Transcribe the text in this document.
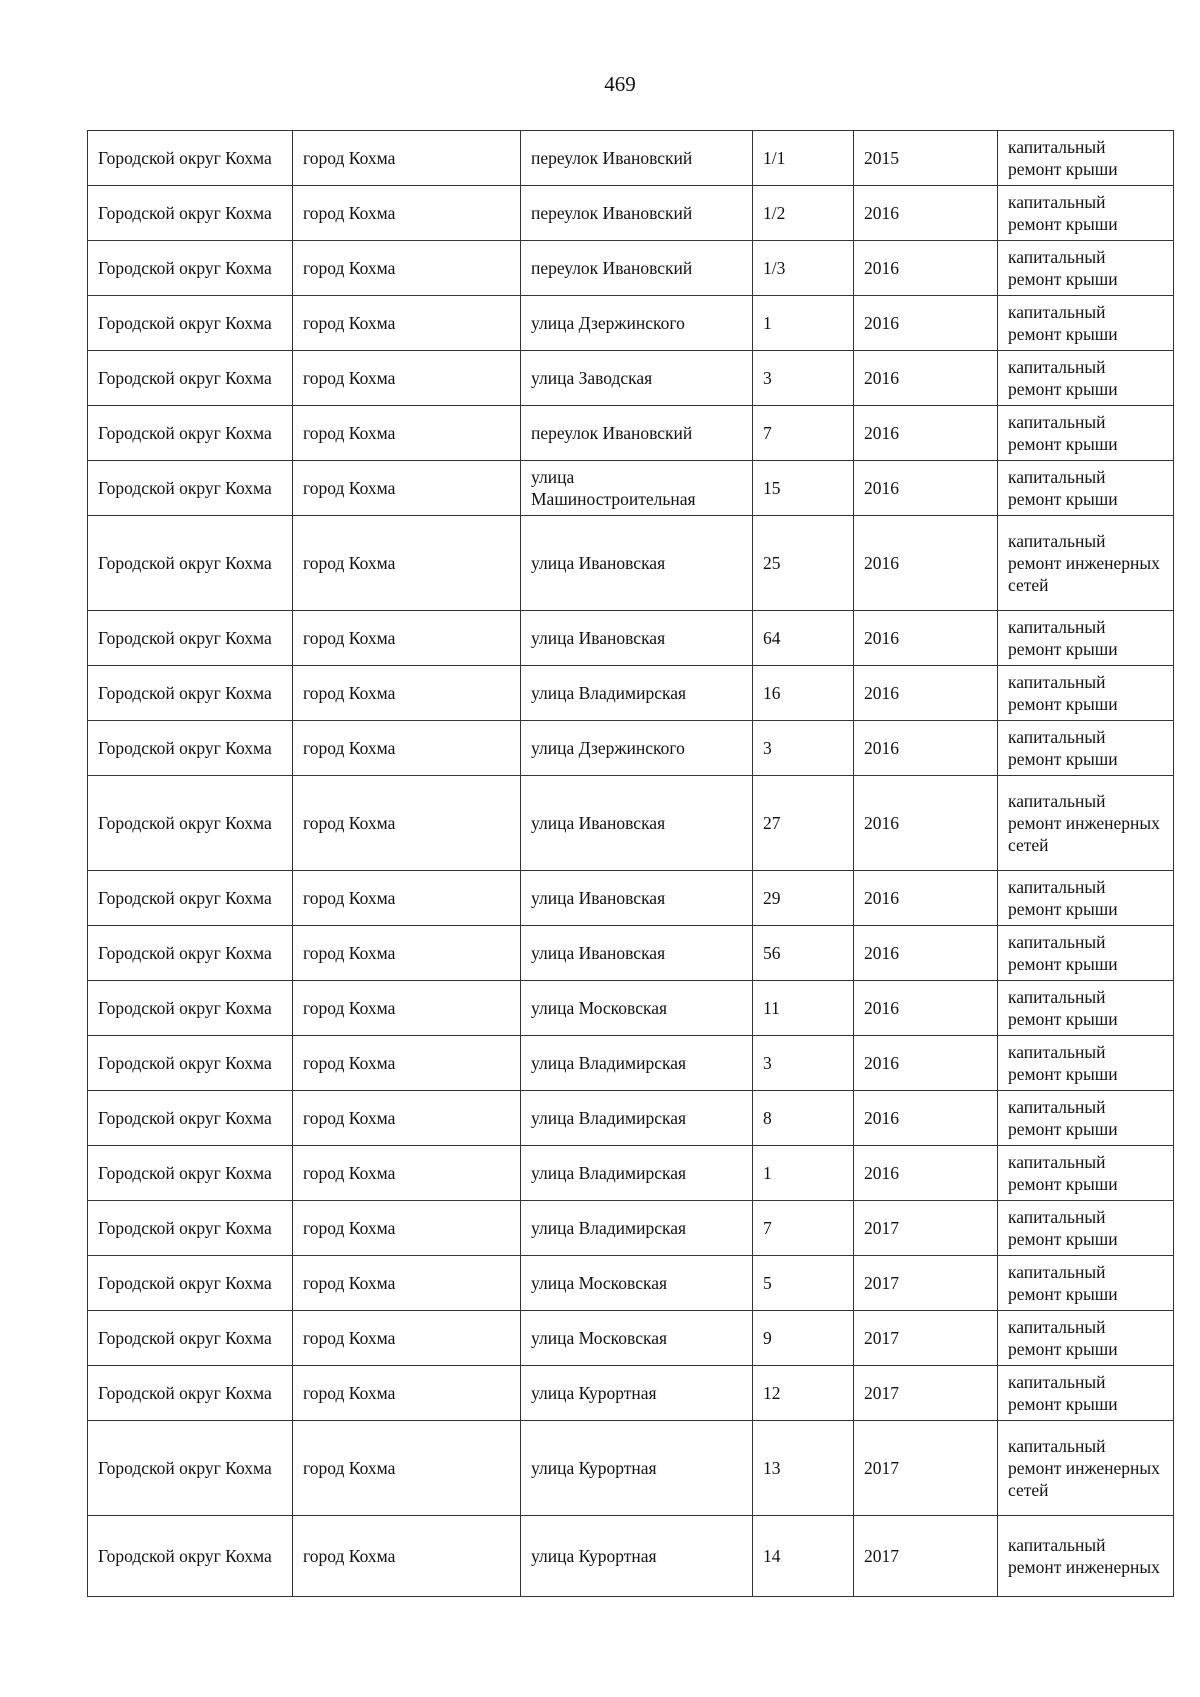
469
Городской округ Кохма	город Кохма	переулок Ивановский	1/1	2015	капитальный ремонт крыши
Городской округ Кохма	город Кохма	переулок Ивановский	1/2	2016	капитальный ремонт крыши
Городской округ Кохма	город Кохма	переулок Ивановский	1/3	2016	капитальный ремонт крыши
Городской округ Кохма	город Кохма	улица Дзержинского	1	2016	капитальный ремонт крыши
Городской округ Кохма	город Кохма	улица Заводская	3	2016	капитальный ремонт крыши
Городской округ Кохма	город Кохма	переулок Ивановский	7	2016	капитальный ремонт крыши
Городской округ Кохма	город Кохма	улица Машиностроительная	15	2016	капитальный ремонт крыши
Городской округ Кохма	город Кохма	улица Ивановская	25	2016	капитальный ремонт инженерных сетей
Городской округ Кохма	город Кохма	улица Ивановская	64	2016	капитальный ремонт крыши
Городской округ Кохма	город Кохма	улица Владимирская	16	2016	капитальный ремонт крыши
Городской округ Кохма	город Кохма	улица Дзержинского	3	2016	капитальный ремонт крыши
Городской округ Кохма	город Кохма	улица Ивановская	27	2016	капитальный ремонт инженерных сетей
Городской округ Кохма	город Кохма	улица Ивановская	29	2016	капитальный ремонт крыши
Городской округ Кохма	город Кохма	улица Ивановская	56	2016	капитальный ремонт крыши
Городской округ Кохма	город Кохма	улица Московская	11	2016	капитальный ремонт крыши
Городской округ Кохма	город Кохма	улица Владимирская	3	2016	капитальный ремонт крыши
Городской округ Кохма	город Кохма	улица Владимирская	8	2016	капитальный ремонт крыши
Городской округ Кохма	город Кохма	улица Владимирская	1	2016	капитальный ремонт крыши
Городской округ Кохма	город Кохма	улица Владимирская	7	2017	капитальный ремонт крыши
Городской округ Кохма	город Кохма	улица Московская	5	2017	капитальный ремонт крыши
Городской округ Кохма	город Кохма	улица Московская	9	2017	капитальный ремонт крыши
Городской округ Кохма	город Кохма	улица Курортная	12	2017	капитальный ремонт крыши
Городской округ Кохма	город Кохма	улица Курортная	13	2017	капитальный ремонт инженерных сетей
Городской округ Кохма	город Кохма	улица Курортная	14	2017	капитальный ремонт инженерных
